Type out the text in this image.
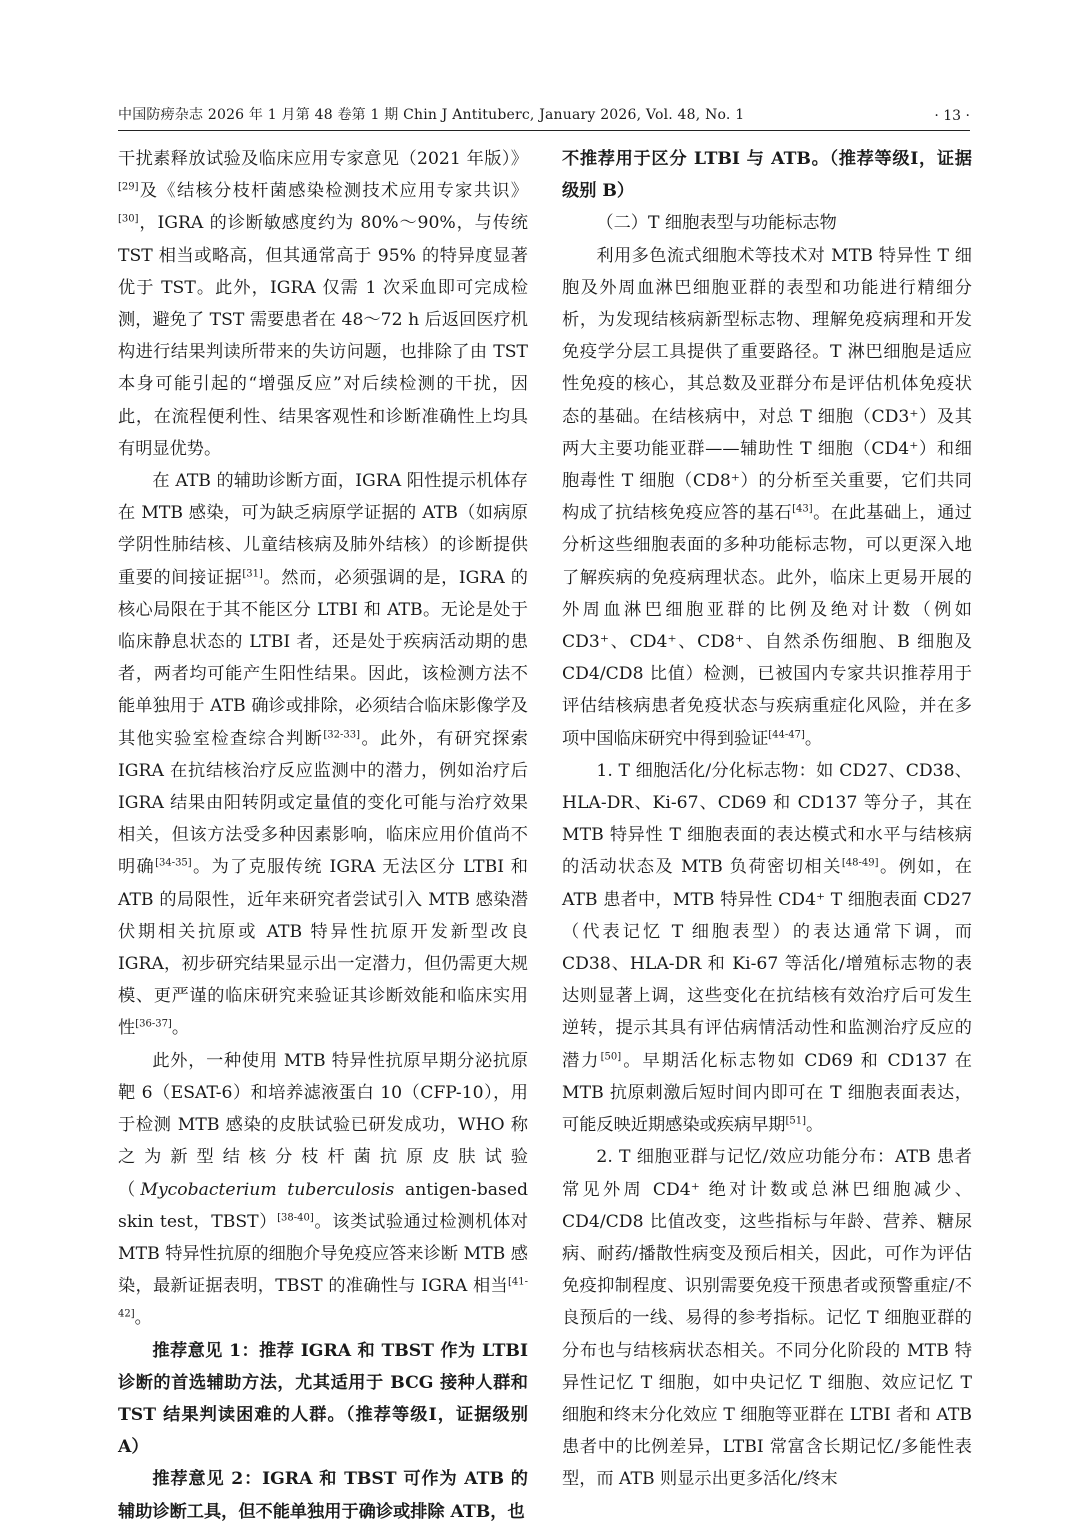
中国防痨杂志 2026 年 1 月第 48 卷第 1 期 Chin J Antituberc, January 2026, Vol. 48, No. 1	· 13 ·

干扰素释放试验及临床应用专家意见（2021 年版）》[29]及《结核分枝杆菌感染检测技术应用专家共识》[30]，IGRA 的诊断敏感度约为 80%～90%，与传统 TST 相当或略高，但其通常高于 95% 的特异度显著优于 TST。此外，IGRA 仅需 1 次采血即可完成检测，避免了 TST 需要患者在 48～72 h 后返回医疗机构进行结果判读所带来的失访问题，也排除了由 TST 本身可能引起的“增强反应”对后续检测的干扰，因此，在流程便利性、结果客观性和诊断准确性上均具有明显优势。

在 ATB 的辅助诊断方面，IGRA 阳性提示机体存在 MTB 感染，可为缺乏病原学证据的 ATB（如病原学阴性肺结核、儿童结核病及肺外结核）的诊断提供重要的间接证据[31]。然而，必须强调的是，IGRA 的核心局限在于其不能区分 LTBI 和 ATB。无论是处于临床静息状态的 LTBI 者，还是处于疾病活动期的患者，两者均可能产生阳性结果。因此，该检测方法不能单独用于 ATB 确诊或排除，必须结合临床影像学及其他实验室检查综合判断[32-33]。此外，有研究探索 IGRA 在抗结核治疗反应监测中的潜力，例如治疗后 IGRA 结果由阳转阴或定量值的变化可能与治疗效果相关，但该方法受多种因素影响，临床应用价值尚不明确[34-35]。为了克服传统 IGRA 无法区分 LTBI 和 ATB 的局限性，近年来研究者尝试引入 MTB 感染潜伏期相关抗原或 ATB 特异性抗原开发新型改良 IGRA，初步研究结果显示出一定潜力，但仍需更大规模、更严谨的临床研究来验证其诊断效能和临床实用性[36-37]。

此外，一种使用 MTB 特异性抗原早期分泌抗原靶 6（ESAT-6）和培养滤液蛋白 10（CFP-10），用于检测 MTB 感染的皮肤试验已研发成功，WHO 称之为新型结核分枝杆菌抗原皮肤试验（Mycobacterium tuberculosis antigen-based skin test，TBST）[38-40]。该类试验通过检测机体对 MTB 特异性抗原的细胞介导免疫应答来诊断 MTB 感染，最新证据表明，TBST 的准确性与 IGRA 相当[41-42]。

推荐意见 1：推荐 IGRA 和 TBST 作为 LTBI 诊断的首选辅助方法，尤其适用于 BCG 接种人群和 TST 结果判读困难的人群。（推荐等级Ⅰ，证据级别 A）

推荐意见 2：IGRA 和 TBST 可作为 ATB 的辅助诊断工具，但不能单独用于确诊或排除 ATB，也

不推荐用于区分 LTBI 与 ATB。（推荐等级Ⅰ，证据级别 B）

（二）T 细胞表型与功能标志物

利用多色流式细胞术等技术对 MTB 特异性 T 细胞及外周血淋巴细胞亚群的表型和功能进行精细分析，为发现结核病新型标志物、理解免疫病理和开发免疫学分层工具提供了重要路径。T 淋巴细胞是适应性免疫的核心，其总数及亚群分布是评估机体免疫状态的基础。在结核病中，对总 T 细胞（CD3⁺）及其两大主要功能亚群——辅助性 T 细胞（CD4⁺）和细胞毒性 T 细胞（CD8⁺）的分析至关重要，它们共同构成了抗结核免疫应答的基石[43]。在此基础上，通过分析这些细胞表面的多种功能标志物，可以更深入地了解疾病的免疫病理状态。此外，临床上更易开展的外周血淋巴细胞亚群的比例及绝对计数（例如 CD3⁺、CD4⁺、CD8⁺、自然杀伤细胞、B 细胞及 CD4/CD8 比值）检测，已被国内专家共识推荐用于评估结核病患者免疫状态与疾病重症化风险，并在多项中国临床研究中得到验证[44-47]。

1. T 细胞活化/分化标志物：如 CD27、CD38、HLA-DR、Ki-67、CD69 和 CD137 等分子，其在 MTB 特异性 T 细胞表面的表达模式和水平与结核病的活动状态及 MTB 负荷密切相关[48-49]。例如，在 ATB 患者中，MTB 特异性 CD4⁺ T 细胞表面 CD27（代表记忆 T 细胞表型）的表达通常下调，而 CD38、HLA-DR 和 Ki-67 等活化/增殖标志物的表达则显著上调，这些变化在抗结核有效治疗后可发生逆转，提示其具有评估病情活动性和监测治疗反应的潜力[50]。早期活化标志物如 CD69 和 CD137 在 MTB 抗原刺激后短时间内即可在 T 细胞表面表达，可能反映近期感染或疾病早期[51]。

2. T 细胞亚群与记忆/效应功能分布：ATB 患者常见外周 CD4⁺ 绝对计数或总淋巴细胞减少、CD4/CD8 比值改变，这些指标与年龄、营养、糖尿病、耐药/播散性病变及预后相关，因此，可作为评估免疫抑制程度、识别需要免疫干预患者或预警重症/不良预后的一线、易得的参考指标。记忆 T 细胞亚群的分布也与结核病状态相关。不同分化阶段的 MTB 特异性记忆 T 细胞，如中央记忆 T 细胞、效应记忆 T 细胞和终末分化效应 T 细胞等亚群在 LTBI 者和 ATB 患者中的比例差异，LTBI 常富含长期记忆/多能性表型，而 ATB 则显示出更多活化/终末
